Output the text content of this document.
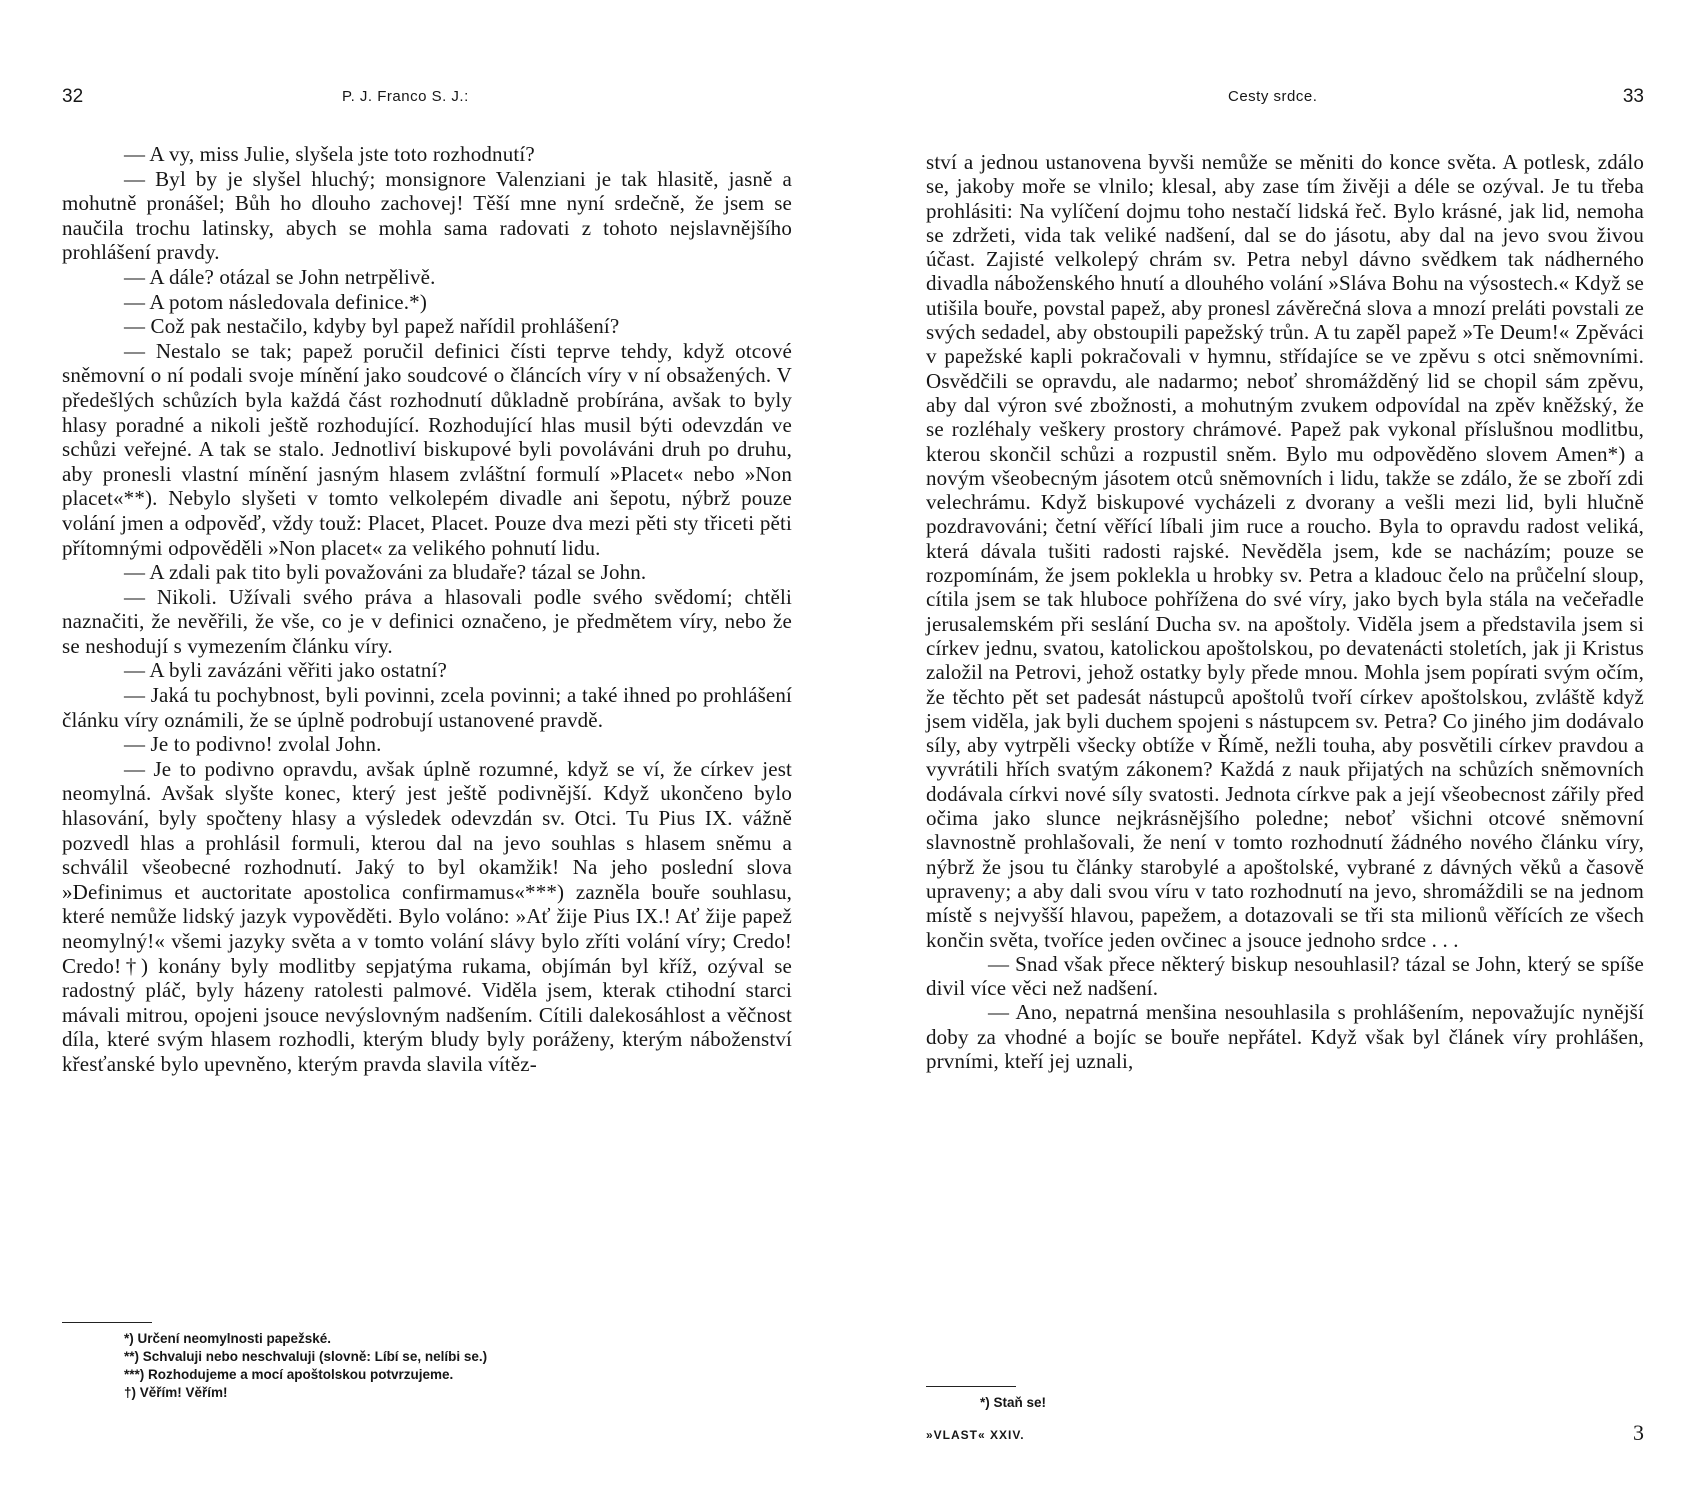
32	P. J. Franco S. J.:

— A vy, miss Julie, slyšela jste toto rozhodnutí?

— Byl by je slyšel hluchý; monsignore Valenziani je tak hlasitě, jasně a mohutně pronášel; Bůh ho dlouho zachovej! Těší mne nyní srdečně, že jsem se naučila trochu latinsky, abych se mohla sama radovati z tohoto nejslavnějšího prohlášení pravdy.

— A dále? otázal se John netrpělivě.

— A potom následovala definice.*)

— Což pak nestačilo, kdyby byl papež nařídil prohlášení?

— Nestalo se tak; papež poručil definici čísti teprve tehdy, když otcové sněmovní o ní podali svoje mínění jako soudcové o článcích víry v ní obsažených. V předešlých schůzích byla každá část rozhodnutí důkladně probírána, avšak to byly hlasy poradné a nikoli ještě rozhodující. Rozhodující hlas musil býti odevzdán ve schůzi veřejné. A tak se stalo. Jednotliví biskupové byli povoláváni druh po druhu, aby pronesli vlastní mínění jasným hlasem zvláštní formulí »Placet« nebo »Non placet«**). Nebylo slyšeti v tomto velkolepém divadle ani šepotu, nýbrž pouze volání jmen a odpověď, vždy touž: Placet, Placet. Pouze dva mezi pěti sty třiceti pěti přítomnými odpověděli »Non placet« za velikého pohnutí lidu.

— A zdali pak tito byli považováni za bludaře? tázal se John.

— Nikoli. Užívali svého práva a hlasovali podle svého svědomí; chtěli naznačiti, že nevěřili, že vše, co je v definici označeno, je předmětem víry, nebo že se neshodují s vymezením článku víry.

— A byli zavázáni věřiti jako ostatní?

— Jaká tu pochybnost, byli povinni, zcela povinni; a také ihned po prohlášení článku víry oznámili, že se úplně podrobují ustanovené pravdě.

— Je to podivno! zvolal John.

— Je to podivno opravdu, avšak úplně rozumné, když se ví, že církev jest neomylná. Avšak slyšte konec, který jest ještě podivnější. Když ukončeno bylo hlasování, byly spočteny hlasy a výsledek odevzdán sv. Otci. Tu Pius IX. vážně pozvedl hlas a prohlásil formuli, kterou dal na jevo souhlas s hlasem sněmu a schválil všeobecné rozhodnutí. Jaký to byl okamžik! Na jeho poslední slova »Definimus et auctoritate apostolica confirmamus«***) zazněla bouře souhlasu, které nemůže lidský jazyk vypověděti. Bylo voláno: »Ať žije Pius IX.! Ať žije papež neomylný!« všemi jazyky světa a v tomto volání slávy bylo zříti volání víry; Credo! Credo!†) konány byly modlitby sepjatýma rukama, objímán byl kříž, ozýval se radostný pláč, byly házeny ratolesti palmové. Viděla jsem, kterak ctihodní starci mávali mitrou, opojeni jsouce nevýslovným nadšením. Cítili dalekosáhlost a věčnost díla, které svým hlasem rozhodli, kterým bludy byly poráženy, kterým náboženství křesťanské bylo upevněno, kterým pravda slavila vítěz-

*) Určení neomylnosti papežské.
**) Schvaluji nebo neschvaluji (slovně: Líbí se, nelíbi se.)
***) Rozhodujeme a mocí apoštolskou potvrzujeme.
†) Věřím! Věřím!
Cesty srdce.	33

ství a jednou ustanovena byvši nemůže se měniti do konce světa. A potlesk, zdálo se, jakoby moře se vlnilo; klesal, aby zase tím živěji a déle se ozýval. Je tu třeba prohlásiti: Na vylíčení dojmu toho nestačí lidská řeč. Bylo krásné, jak lid, nemoha se zdržeti, vida tak veliké nadšení, dal se do jásotu, aby dal na jevo svou živou účast. Zajisté velkolepý chrám sv. Petra nebyl dávno svědkem tak nádherného divadla náboženského hnutí a dlouhého volání »Sláva Bohu na výsostech.« Když se utišila bouře, povstal papež, aby pronesl závěrečná slova a mnozí preláti povstali ze svých sedadel, aby obstoupili papežský trůn. A tu zapěl papež »Te Deum!« Zpěváci v papežské kapli pokračovali v hymnu, střídajíce se ve zpěvu s otci sněmovními. Osvědčili se opravdu, ale nadarmo; neboť shromážděný lid se chopil sám zpěvu, aby dal výron své zbožnosti, a mohutným zvukem odpovídal na zpěv kněžský, že se rozléhaly veškery prostory chrámové. Papež pak vykonal příslušnou modlitbu, kterou skončil schůzi a rozpustil sněm. Bylo mu odpověděno slovem Amen*) a novým všeobecným jásotem otců sněmovních i lidu, takže se zdálo, že se zboří zdi velechrámu. Když biskupové vycházeli z dvorany a vešli mezi lid, byli hlučně pozdravováni; četní věřící líbali jim ruce a roucho. Byla to opravdu radost veliká, která dávala tušiti radosti rajské. Nevěděla jsem, kde se nacházím; pouze se rozpomínám, že jsem poklekla u hrobky sv. Petra a kladouc čelo na průčelní sloup, cítila jsem se tak hluboce pohřížena do své víry, jako bych byla stála na večeřadle jerusalemském při seslání Ducha sv. na apoštoly. Viděla jsem a představila jsem si církev jednu, svatou, katolickou apoštolskou, po devatenácti stoletích, jak ji Kristus založil na Petrovi, jehož ostatky byly přede mnou. Mohla jsem popírati svým očím, že těchto pět set padesát nástupců apoštolů tvoří církev apoštolskou, zvláště když jsem viděla, jak byli duchem spojeni s nástupcem sv. Petra? Co jiného jim dodávalo síly, aby vytrpěli všecky obtíže v Římě, nežli touha, aby posvětili církev pravdou a vyvrátili hřích svatým zákonem? Každá z nauk přijatých na schůzích sněmovních dodávala církvi nové síly svatosti. Jednota církve pak a její všeobecnost zářily před očima jako slunce nejkrásnějšího poledne; neboť všichni otcové sněmovní slavnostně prohlašovali, že není v tomto rozhodnutí žádného nového článku víry, nýbrž že jsou tu články starobylé a apoštolské, vybrané z dávných věků a časově upraveny; a aby dali svou víru v tato rozhodnutí na jevo, shromáždili se na jednom místě s nejvyšší hlavou, papežem, a dotazovali se tři sta milionů věřících ze všech končin světa, tvoříce jeden ovčinec a jsouce jednoho srdce . . .

— Snad však přece některý biskup nesouhlasil? tázal se John, který se spíše divil více věci než nadšení.

— Ano, nepatrná menšina nesouhlasila s prohlášením, nepovažujíc nynější doby za vhodné a bojíc se bouře nepřátel. Když však byl článek víry prohlášen, prvními, kteří jej uznali,

*) Staň se!
»VLAST« XXIV.	3
